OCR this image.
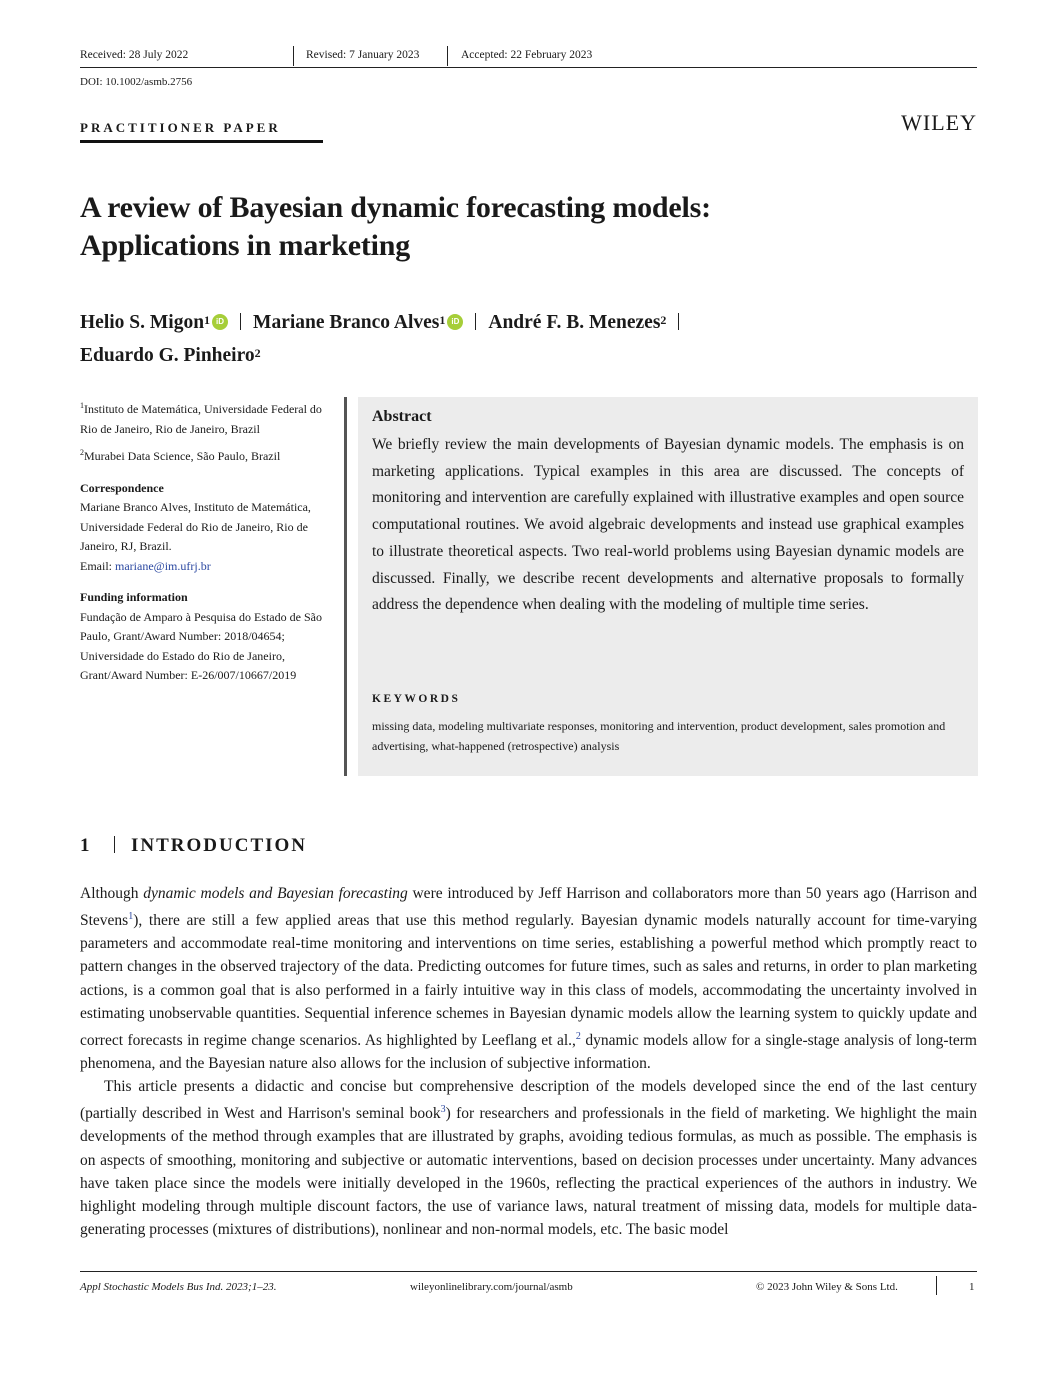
Received: 28 July 2022	Revised: 7 January 2023	Accepted: 22 February 2023
DOI: 10.1002/asmb.2756
PRACTITIONER PAPER	WILEY
A review of Bayesian dynamic forecasting models:
Applications in marketing
Helio S. Migon$^1$ iD Mariane Branco Alves$^1$ iD André F. B. Menezes$^2$
Eduardo G. Pinheiro$^2$
$^1$Instituto de Matemática, Universidade Federal do Rio de Janeiro, Rio de Janeiro, Brazil
$^2$Murabei Data Science, São Paulo, Brazil
Correspondence
Mariane Branco Alves, Instituto de Matemática, Universidade Federal do Rio de Janeiro, Rio de Janeiro, RJ, Brazil.
Email: mariane@im.ufrj.br
Funding information
Fundação de Amparo à Pesquisa do Estado de São Paulo, Grant/Award Number: 2018/04654; Universidade do Estado do Rio de Janeiro, Grant/Award Number: E-26/007/10667/2019
Abstract
We briefly review the main developments of Bayesian dynamic models. The emphasis is on marketing applications. Typical examples in this area are discussed. The concepts of monitoring and intervention are carefully explained with illustrative examples and open source computational routines. We avoid algebraic developments and instead use graphical examples to illustrate theoretical aspects. Two real-world problems using Bayesian dynamic models are discussed. Finally, we describe recent developments and alternative proposals to formally address the dependence when dealing with the modeling of multiple time series.
KEYWORDS
missing data, modeling multivariate responses, monitoring and intervention, product development, sales promotion and advertising, what-happened (retrospective) analysis
1 INTRODUCTION

Although dynamic models and Bayesian forecasting were introduced by Jeff Harrison and collaborators more than 50 years ago (Harrison and Stevens$^1$), there are still a few applied areas that use this method regularly. Bayesian dynamic models naturally account for time-varying parameters and accommodate real-time monitoring and interventions on time series, establishing a powerful method which promptly react to pattern changes in the observed trajectory of the data. Predicting outcomes for future times, such as sales and returns, in order to plan marketing actions, is a common goal that is also performed in a fairly intuitive way in this class of models, accommodating the uncertainty involved in estimating unobservable quantities. Sequential inference schemes in Bayesian dynamic models allow the learning system to quickly update and correct forecasts in regime change scenarios. As highlighted by Leeflang et al.,$^2$ dynamic models allow for a single-stage analysis of long-term phenomena, and the Bayesian nature also allows for the inclusion of subjective information.

This article presents a didactic and concise but comprehensive description of the models developed since the end of the last century (partially described in West and Harrison's seminal book$^3$) for researchers and professionals in the field of marketing. We highlight the main developments of the method through examples that are illustrated by graphs, avoiding tedious formulas, as much as possible. The emphasis is on aspects of smoothing, monitoring and subjective or automatic interventions, based on decision processes under uncertainty. Many advances have taken place since the models were initially developed in the 1960s, reflecting the practical experiences of the authors in industry. We highlight modeling through multiple discount factors, the use of variance laws, natural treatment of missing data, models for multiple data-generating processes (mixtures of distributions), nonlinear and non-normal models, etc. The basic model

Appl Stochastic Models Bus Ind. 2023;1–23.	wileyonlinelibrary.com/journal/asmb	© 2023 John Wiley & Sons Ltd.	1
